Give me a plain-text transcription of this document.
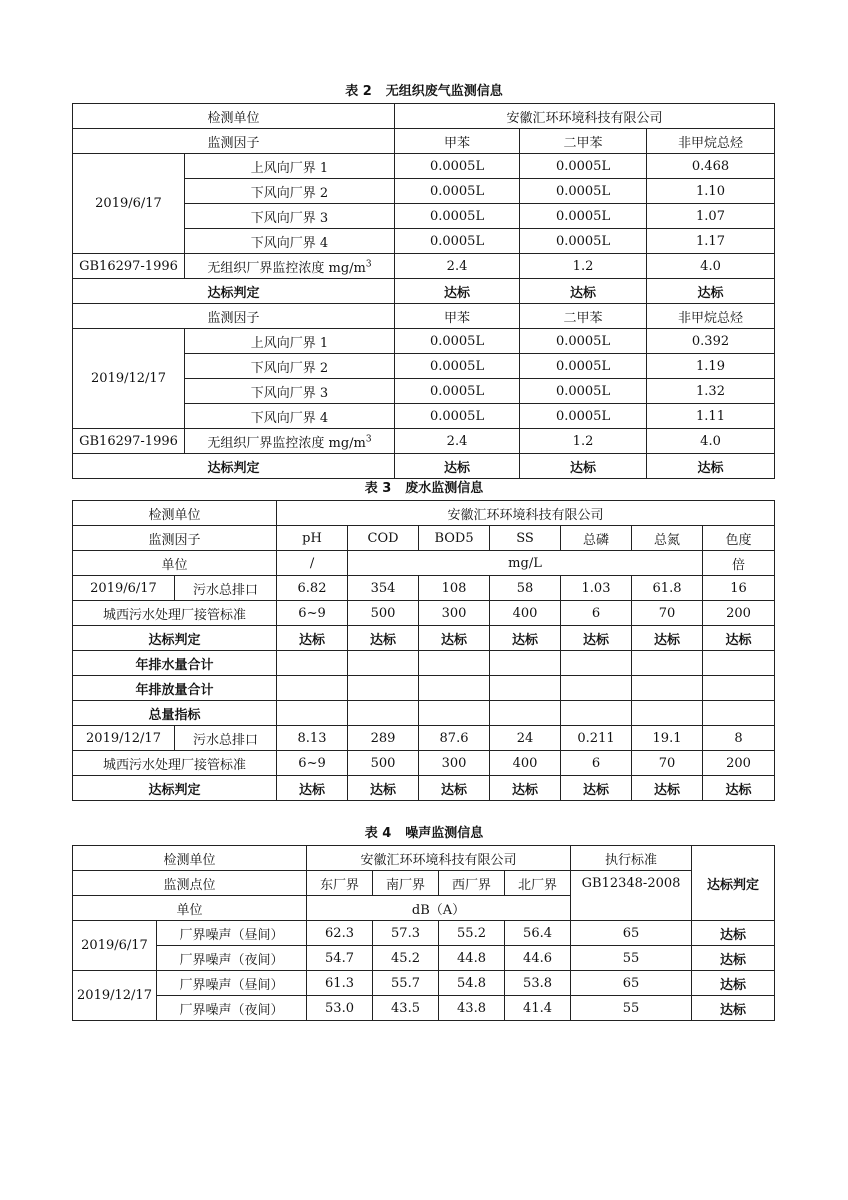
表 2 无组织废气监测信息
检测单位		安徽汇环环境科技有限公司		
监测因子		甲苯	二甲苯	非甲烷总烃
2019/6/17	上风向厂界 1	0.0005L	0.0005L	0.468
	下风向厂界 2	0.0005L	0.0005L	1.10
	下风向厂界 3	0.0005L	0.0005L	1.07
	下风向厂界 4	0.0005L	0.0005L	1.17
GB16297-1996	无组织厂界监控浓度 $mg/m^3$	2.4	1.2	4.0
达标判定		达标	达标	达标
监测因子		甲苯	二甲苯	非甲烷总烃
2019/12/17	上风向厂界 1	0.0005L	0.0005L	0.392
	下风向厂界 2	0.0005L	0.0005L	1.19
	下风向厂界 3	0.0005L	0.0005L	1.32
	下风向厂界 4	0.0005L	0.0005L	1.11
GB16297-1996	无组织厂界监控浓度 $mg/m^3$	2.4	1.2	4.0
达标判定		达标	达标	达标
表 3 废水监测信息
检测单位		安徽汇环环境科技有限公司						
监测因子		pH	COD	BOD5	SS	总磷	总氮	色度
单位		/	mg/L					倍
2019/6/17	污水总排口	6.82	354	108	58	1.03	61.8	16
城西污水处理厂接管标准		6~9	500	300	400	6	70	200
达标判定		达标	达标	达标	达标	达标	达标	达标
年排水量合计								
年排放量合计								
总量指标								
2019/12/17	污水总排口	8.13	289	87.6	24	0.211	19.1	8
城西污水处理厂接管标准		6~9	500	300	400	6	70	200
达标判定		达标	达标	达标	达标	达标	达标	达标
表 4 噪声监测信息
检测单位		安徽汇环环境科技有限公司				执行标准	达标判定
监测点位		东厂界	南厂界	西厂界	北厂界	GB12348-2008	
单位		dB（A）					
2019/6/17	厂界噪声（昼间）	62.3	57.3	55.2	56.4	65	达标
	厂界噪声（夜间）	54.7	45.2	44.8	44.6	55	达标
2019/12/17	厂界噪声（昼间）	61.3	55.7	54.8	53.8	65	达标
	厂界噪声（夜间）	53.0	43.5	43.8	41.4	55	达标
